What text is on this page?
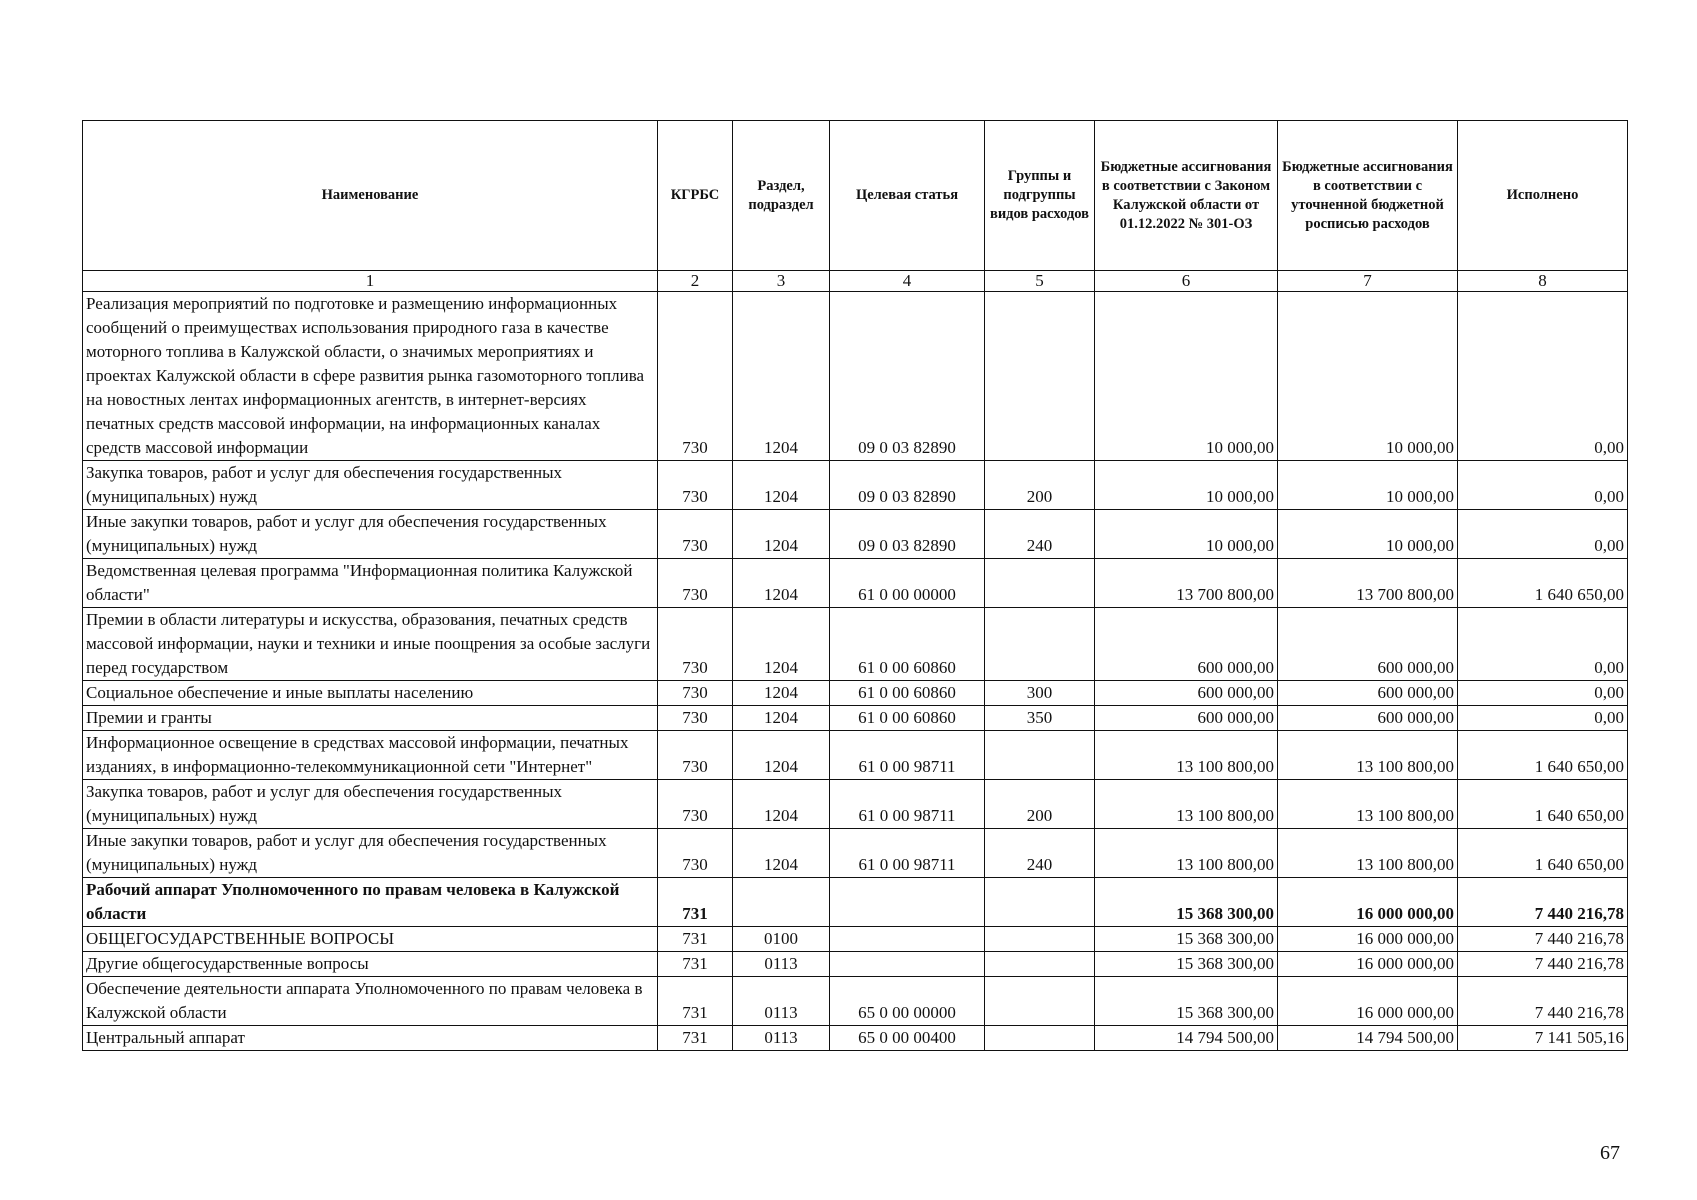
Наименование	КГРБС	Раздел, подраздел	Целевая статья	Группы и подгруппы видов расходов	Бюджетные ассигнования в соответствии с Законом Калужской области от 01.12.2022 № 301-ОЗ	Бюджетные ассигнования в соответствии с уточненной бюджетной росписью расходов	Исполнено
1	2	3	4	5	6	7	8
Реализация мероприятий по подготовке и размещению информационных сообщений о преимуществах использования природного газа в качестве моторного топлива в Калужской области, о значимых мероприятиях и проектах Калужской области в сфере развития рынка газомоторного топлива на новостных лентах информационных агентств, в интернет-версиях печатных средств массовой информации, на информационных каналах средств массовой информации	730	1204	09 0 03 82890		10 000,00	10 000,00	0,00
Закупка товаров, работ и услуг для обеспечения государственных (муниципальных) нужд	730	1204	09 0 03 82890	200	10 000,00	10 000,00	0,00
Иные закупки товаров, работ и услуг для обеспечения государственных (муниципальных) нужд	730	1204	09 0 03 82890	240	10 000,00	10 000,00	0,00
Ведомственная целевая программа "Информационная политика Калужской области"	730	1204	61 0 00 00000		13 700 800,00	13 700 800,00	1 640 650,00
Премии в области литературы и искусства, образования, печатных средств массовой информации, науки и техники и иные поощрения за особые заслуги перед государством	730	1204	61 0 00 60860		600 000,00	600 000,00	0,00
Социальное обеспечение и иные выплаты населению	730	1204	61 0 00 60860	300	600 000,00	600 000,00	0,00
Премии и гранты	730	1204	61 0 00 60860	350	600 000,00	600 000,00	0,00
Информационное освещение в средствах массовой информации, печатных изданиях, в информационно-телекоммуникационной сети "Интернет"	730	1204	61 0 00 98711		13 100 800,00	13 100 800,00	1 640 650,00
Закупка товаров, работ и услуг для обеспечения государственных (муниципальных) нужд	730	1204	61 0 00 98711	200	13 100 800,00	13 100 800,00	1 640 650,00
Иные закупки товаров, работ и услуг для обеспечения государственных (муниципальных) нужд	730	1204	61 0 00 98711	240	13 100 800,00	13 100 800,00	1 640 650,00
Рабочий аппарат Уполномоченного по правам человека в Калужской области	731				15 368 300,00	16 000 000,00	7 440 216,78
ОБЩЕГОСУДАРСТВЕННЫЕ ВОПРОСЫ	731	0100			15 368 300,00	16 000 000,00	7 440 216,78
Другие общегосударственные вопросы	731	0113			15 368 300,00	16 000 000,00	7 440 216,78
Обеспечение деятельности аппарата Уполномоченного по правам человека в Калужской области	731	0113	65 0 00 00000		15 368 300,00	16 000 000,00	7 440 216,78
Центральный аппарат	731	0113	65 0 00 00400		14 794 500,00	14 794 500,00	7 141 505,16
67
